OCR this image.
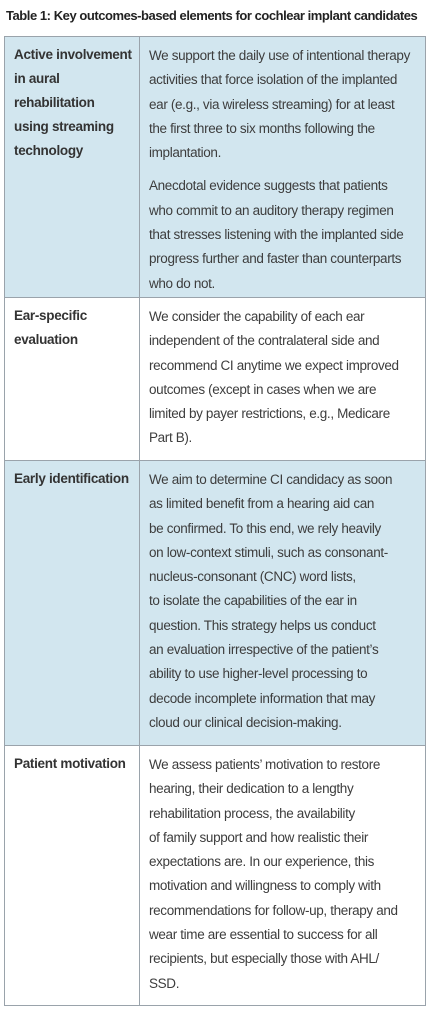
Table 1: Key outcomes-based elements for cochlear implant candidates
Active involvement
in aural
rehabilitation
using streaming
technology
We support the daily use of intentional therapy
activities that force isolation of the implanted
ear (e.g., via wireless streaming) for at least
the first three to six months following the
implantation.
Anecdotal evidence suggests that patients
who commit to an auditory therapy regimen
that stresses listening with the implanted side
progress further and faster than counterparts
who do not.
Ear-specific
evaluation
We consider the capability of each ear
independent of the contralateral side and
recommend CI anytime we expect improved
outcomes (except in cases when we are
limited by payer restrictions, e.g., Medicare
Part B).
Early identification	We aim to determine CI candidacy as soon
as limited benefit from a hearing aid can
be confirmed. To this end, we rely heavily
on low-context stimuli, such as consonant-
nucleus-consonant (CNC) word lists,
to isolate the capabilities of the ear in
question. This strategy helps us conduct
an evaluation irrespective of the patient’s
ability to use higher-level processing to
decode incomplete information that may
cloud our clinical decision-making.
Patient motivation	We assess patients’ motivation to restore
hearing, their dedication to a lengthy
rehabilitation process, the availability
of family support and how realistic their
expectations are. In our experience, this
motivation and willingness to comply with
recommendations for follow-up, therapy and
wear time are essential to success for all
recipients, but especially those with AHL/
SSD.
